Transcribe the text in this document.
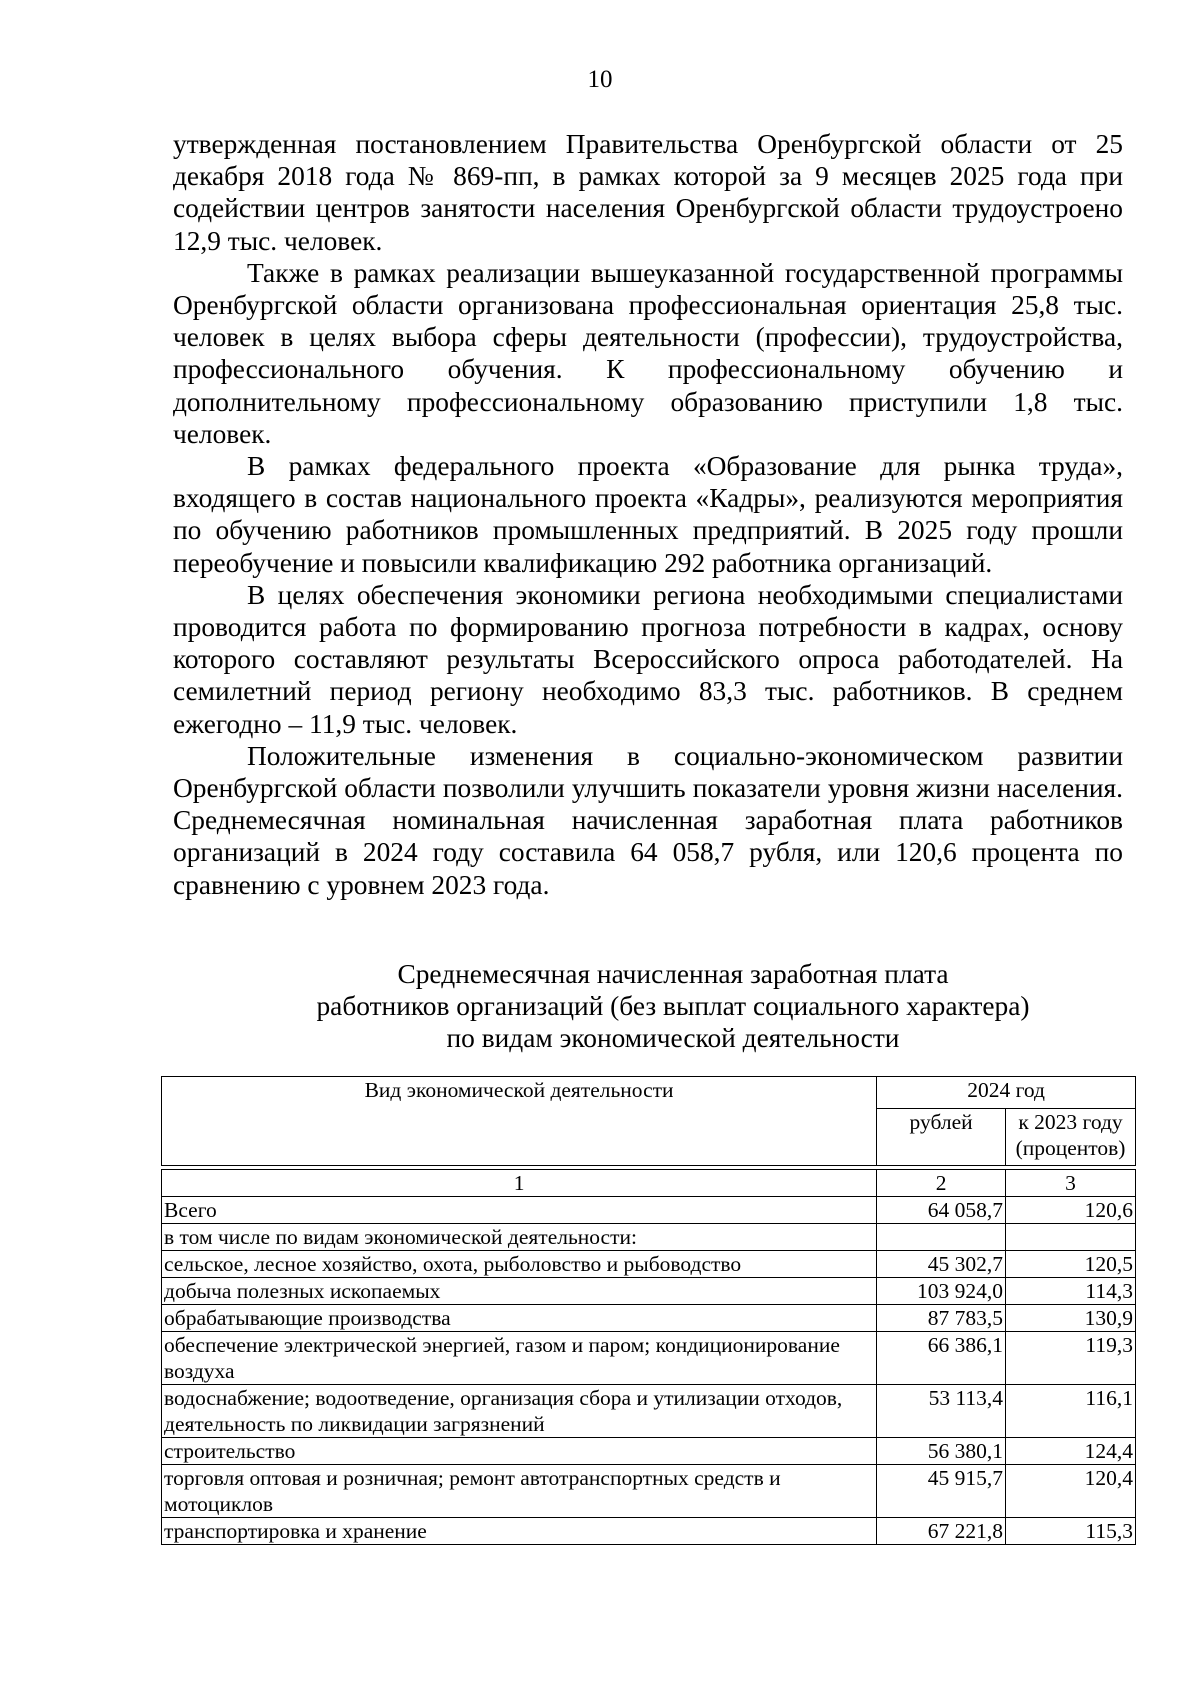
10

утвержденная постановлением Правительства Оренбургской области от 25 декабря 2018 года № 869-пп, в рамках которой за 9 месяцев 2025 года при содействии центров занятости населения Оренбургской области трудоустроено 12,9 тыс. человек.

Также в рамках реализации вышеуказанной государственной программы Оренбургской области организована профессиональная ориентация 25,8 тыс. человек в целях выбора сферы деятельности (профессии), трудоустройства, профессионального обучения. К профессиональному обучению и дополнительному профессиональному образованию приступили 1,8 тыс. человек.

В рамках федерального проекта «Образование для рынка труда», входящего в состав национального проекта «Кадры», реализуются мероприятия по обучению работников промышленных предприятий. В 2025 году прошли переобучение и повысили квалификацию 292 работника организаций.

В целях обеспечения экономики региона необходимыми специалистами проводится работа по формированию прогноза потребности в кадрах, основу которого составляют результаты Всероссийского опроса работодателей. На семилетний период региону необходимо 83,3 тыс. работников. В среднем ежегодно – 11,9 тыс. человек.

Положительные изменения в социально-экономическом развитии Оренбургской области позволили улучшить показатели уровня жизни населения. Среднемесячная номинальная начисленная заработная плата работников организаций в 2024 году составила 64 058,7 рубля, или 120,6 процента по сравнению с уровнем 2023 года.

Среднемесячная начисленная заработная плата
работников организаций (без выплат социального характера)
по видам экономической деятельности
Вид экономической деятельности	2024 год	
	рублей	к 2023 году
(процентов)

1	2	3
Всего	64 058,7	120,6
в том числе по видам экономической деятельности:		
сельское, лесное хозяйство, охота, рыболовство и рыбоводство	45 302,7	120,5
добыча полезных ископаемых	103 924,0	114,3
обрабатывающие производства	87 783,5	130,9
обеспечение электрической энергией, газом и паром; кондиционирование воздуха	66 386,1	119,3
водоснабжение; водоотведение, организация сбора и утилизации отходов, деятельность по ликвидации загрязнений	53 113,4	116,1
строительство	56 380,1	124,4
торговля оптовая и розничная; ремонт автотранспортных средств и мотоциклов	45 915,7	120,4
транспортировка и хранение	67 221,8	115,3
